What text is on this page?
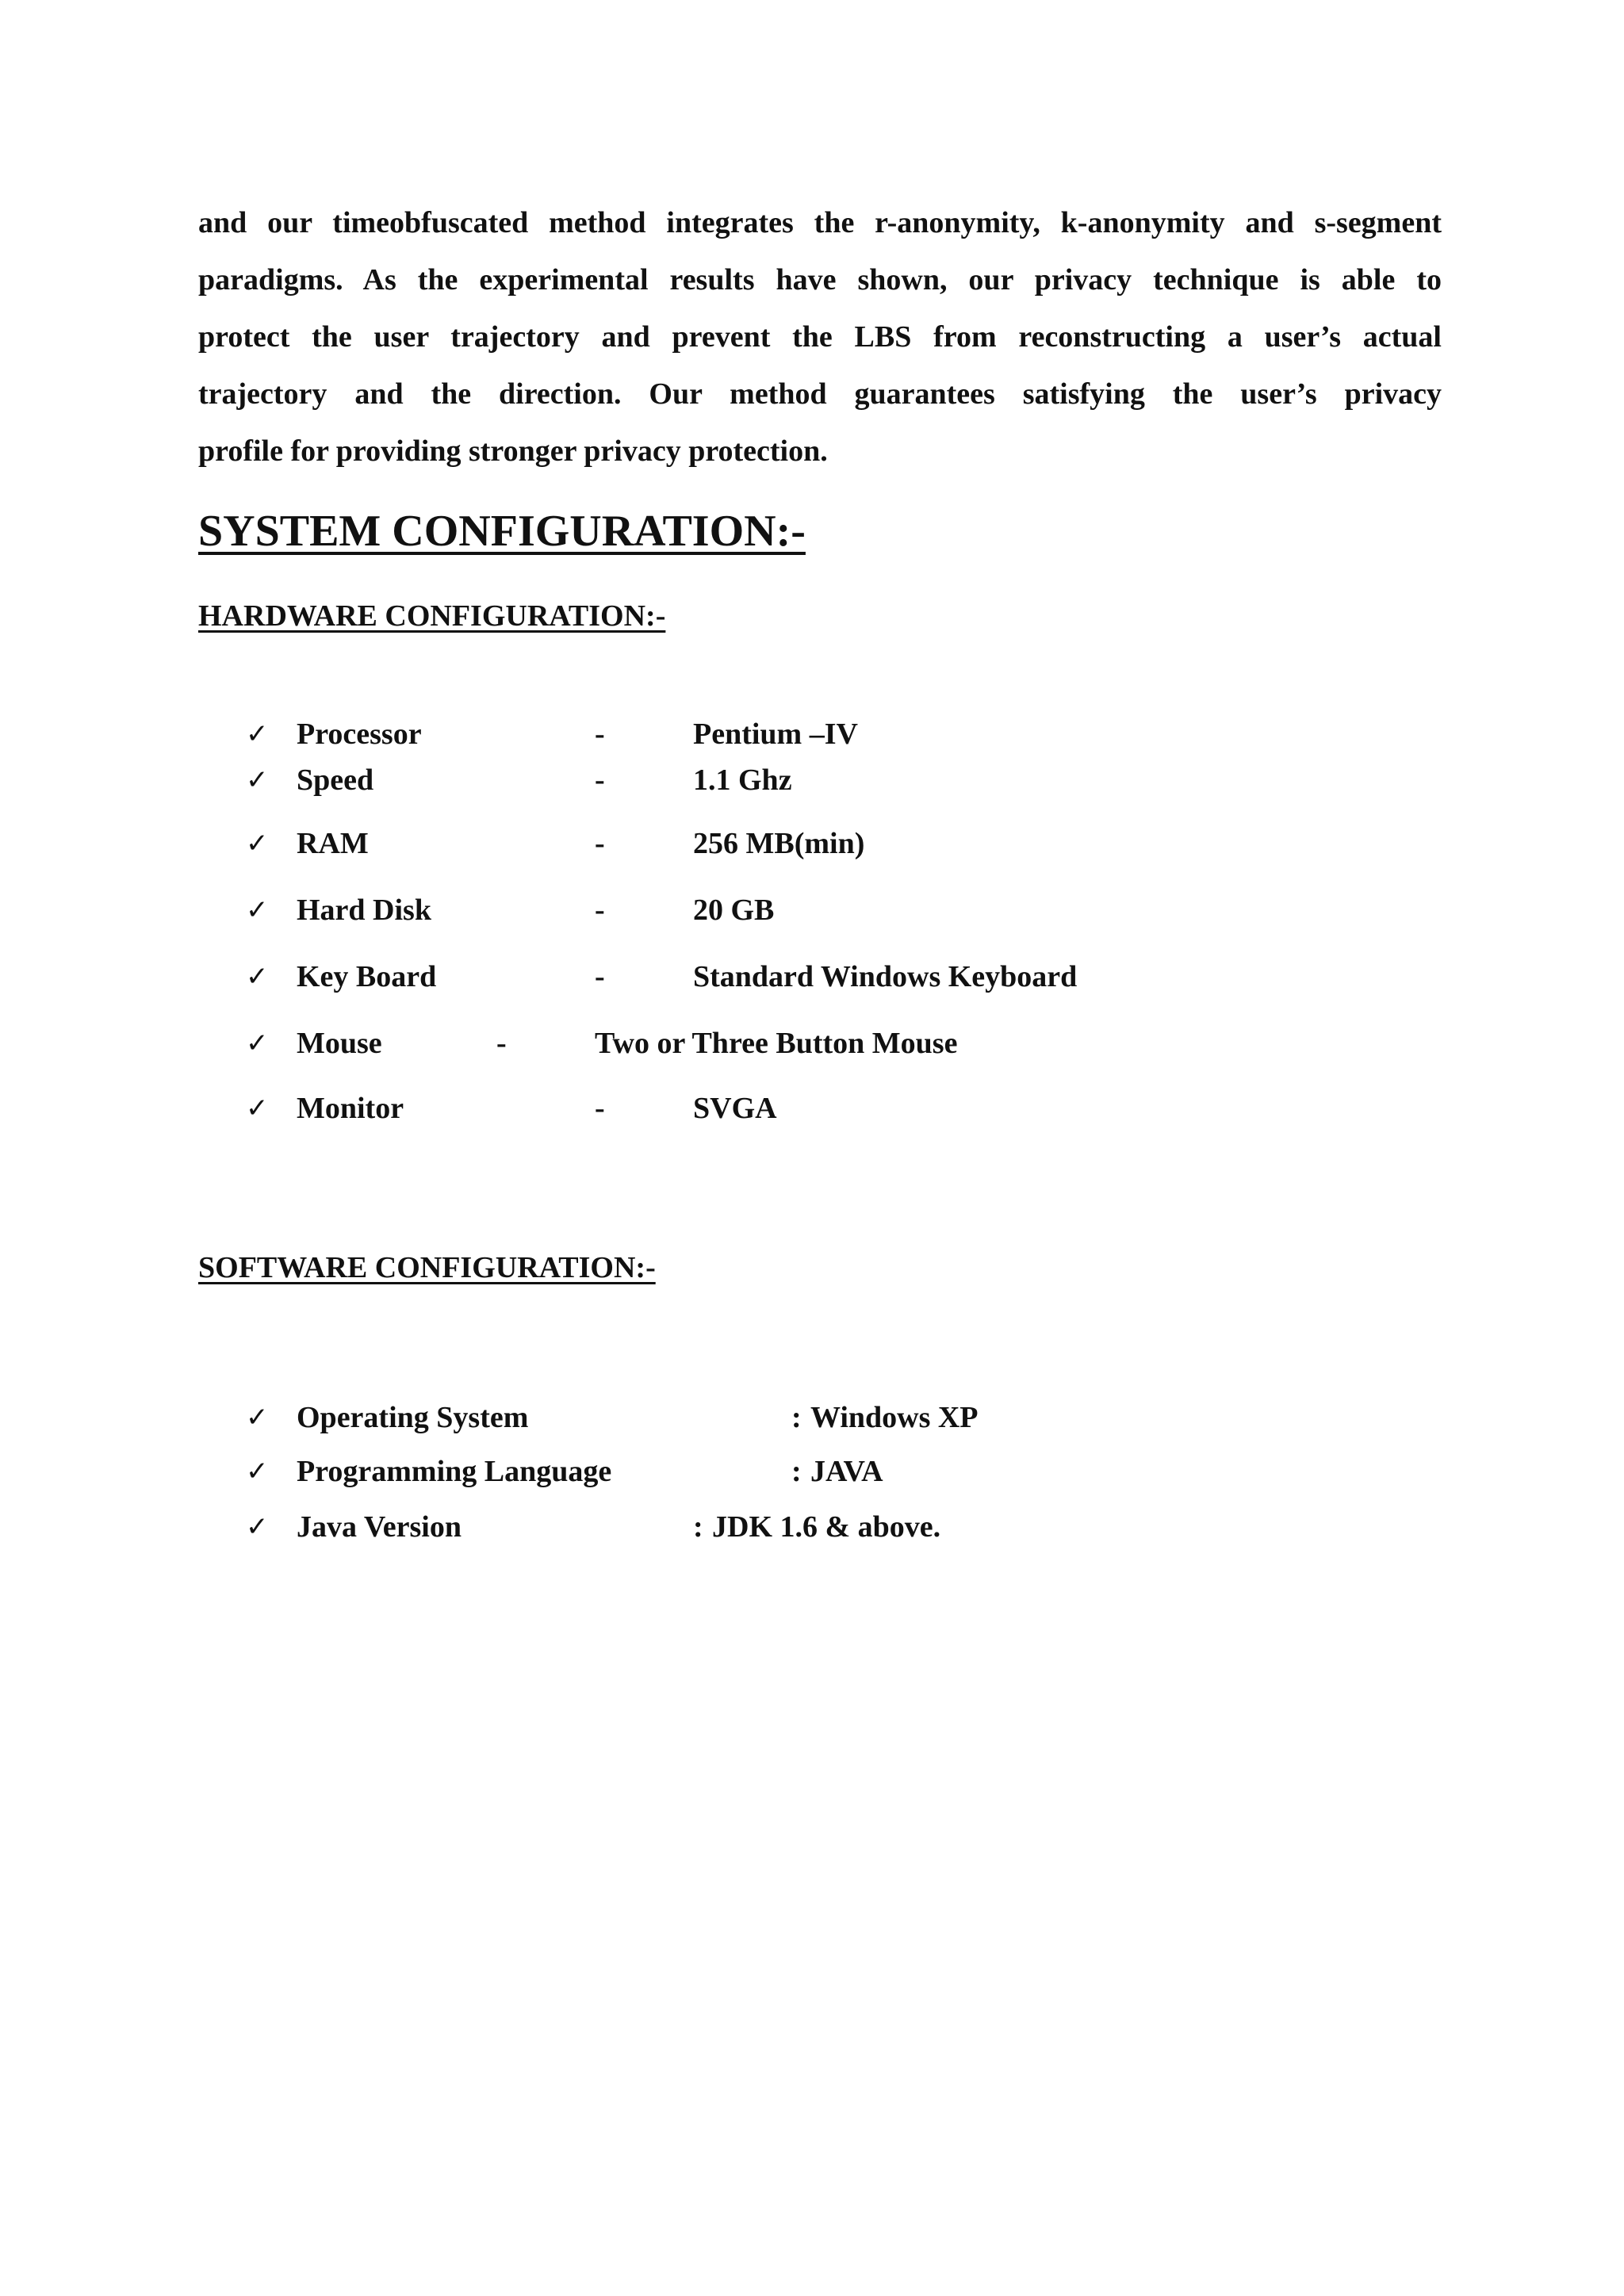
and our timeobfuscated method integrates the r-anonymity, k-anonymity and s-segment
paradigms. As the experimental results have shown, our privacy technique is able to
protect the user trajectory and prevent the LBS from reconstructing a user’s actual
trajectory and the direction. Our method guarantees satisfying the user’s privacy
profile for providing stronger privacy protection.
SYSTEM CONFIGURATION:-
HARDWARE CONFIGURATION:-
✓ Processor	-	Pentium –IV
✓ Speed	-	1.1 Ghz
✓ RAM	-	256 MB(min)
✓ Hard Disk	-	20 GB
✓ Key Board	-	Standard Windows Keyboard
✓ Mouse	-	Two or Three Button Mouse
✓ Monitor	-	SVGA
SOFTWARE CONFIGURATION:-
✓ Operating System	: Windows XP
✓ Programming Language	: JAVA
✓ Java Version	: JDK 1.6 & above.
